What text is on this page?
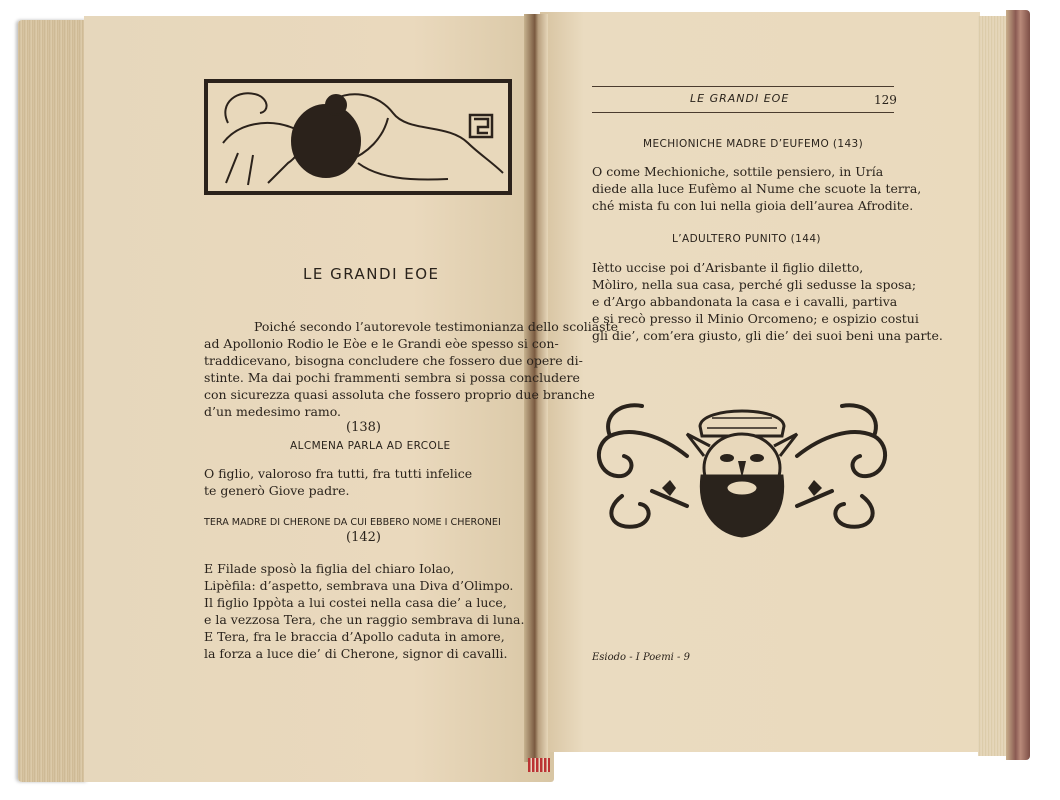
LE GRANDI EOE
Poiché secondo l’autorevole testimonianza dello scoliaste
ad Apollonio Rodio le Eòe e le Grandi eòe spesso si con-
traddicevano, bisogna concludere che fossero due opere di-
stinte. Ma dai pochi frammenti sembra si possa concludere
con sicurezza quasi assoluta che fossero proprio due branche
d’un medesimo ramo.
(138)
ALCMENA PARLA AD ERCOLE
O figlio, valoroso fra tutti, fra tutti infelice
te generò Giove padre.
TERA MADRE DI CHERONE DA CUI EBBERO NOME I CHERONEI
(142)
E Filade sposò la figlia del chiaro Iolao,
Lipèfila: d’aspetto, sembrava una Diva d’Olimpo.
Il figlio Ippòta a lui costei nella casa die’ a luce,
e la vezzosa Tera, che un raggio sembrava di luna.
E Tera, fra le braccia d’Apollo caduta in amore,
la forza a luce die’ di Cherone, signor di cavalli.
LE GRANDI EOE	129
MECHIONICHE MADRE D’EUFEMO (143)
O come Mechioniche, sottile pensiero, in Uría
diede alla luce Eufèmo al Nume che scuote la terra,
ché mista fu con lui nella gioia dell’aurea Afrodite.
L’ADULTERO PUNITO (144)
Iètto uccise poi d’Arisbante il figlio diletto,
Mòliro, nella sua casa, perché gli sedusse la sposa;
e d’Argo abbandonata la casa e i cavalli, partiva
e si recò presso il Minio Orcomeno; e ospizio costui
gli die’, com’era giusto, gli die’ dei suoi beni una parte.
Esiodo - I Poemi - 9
